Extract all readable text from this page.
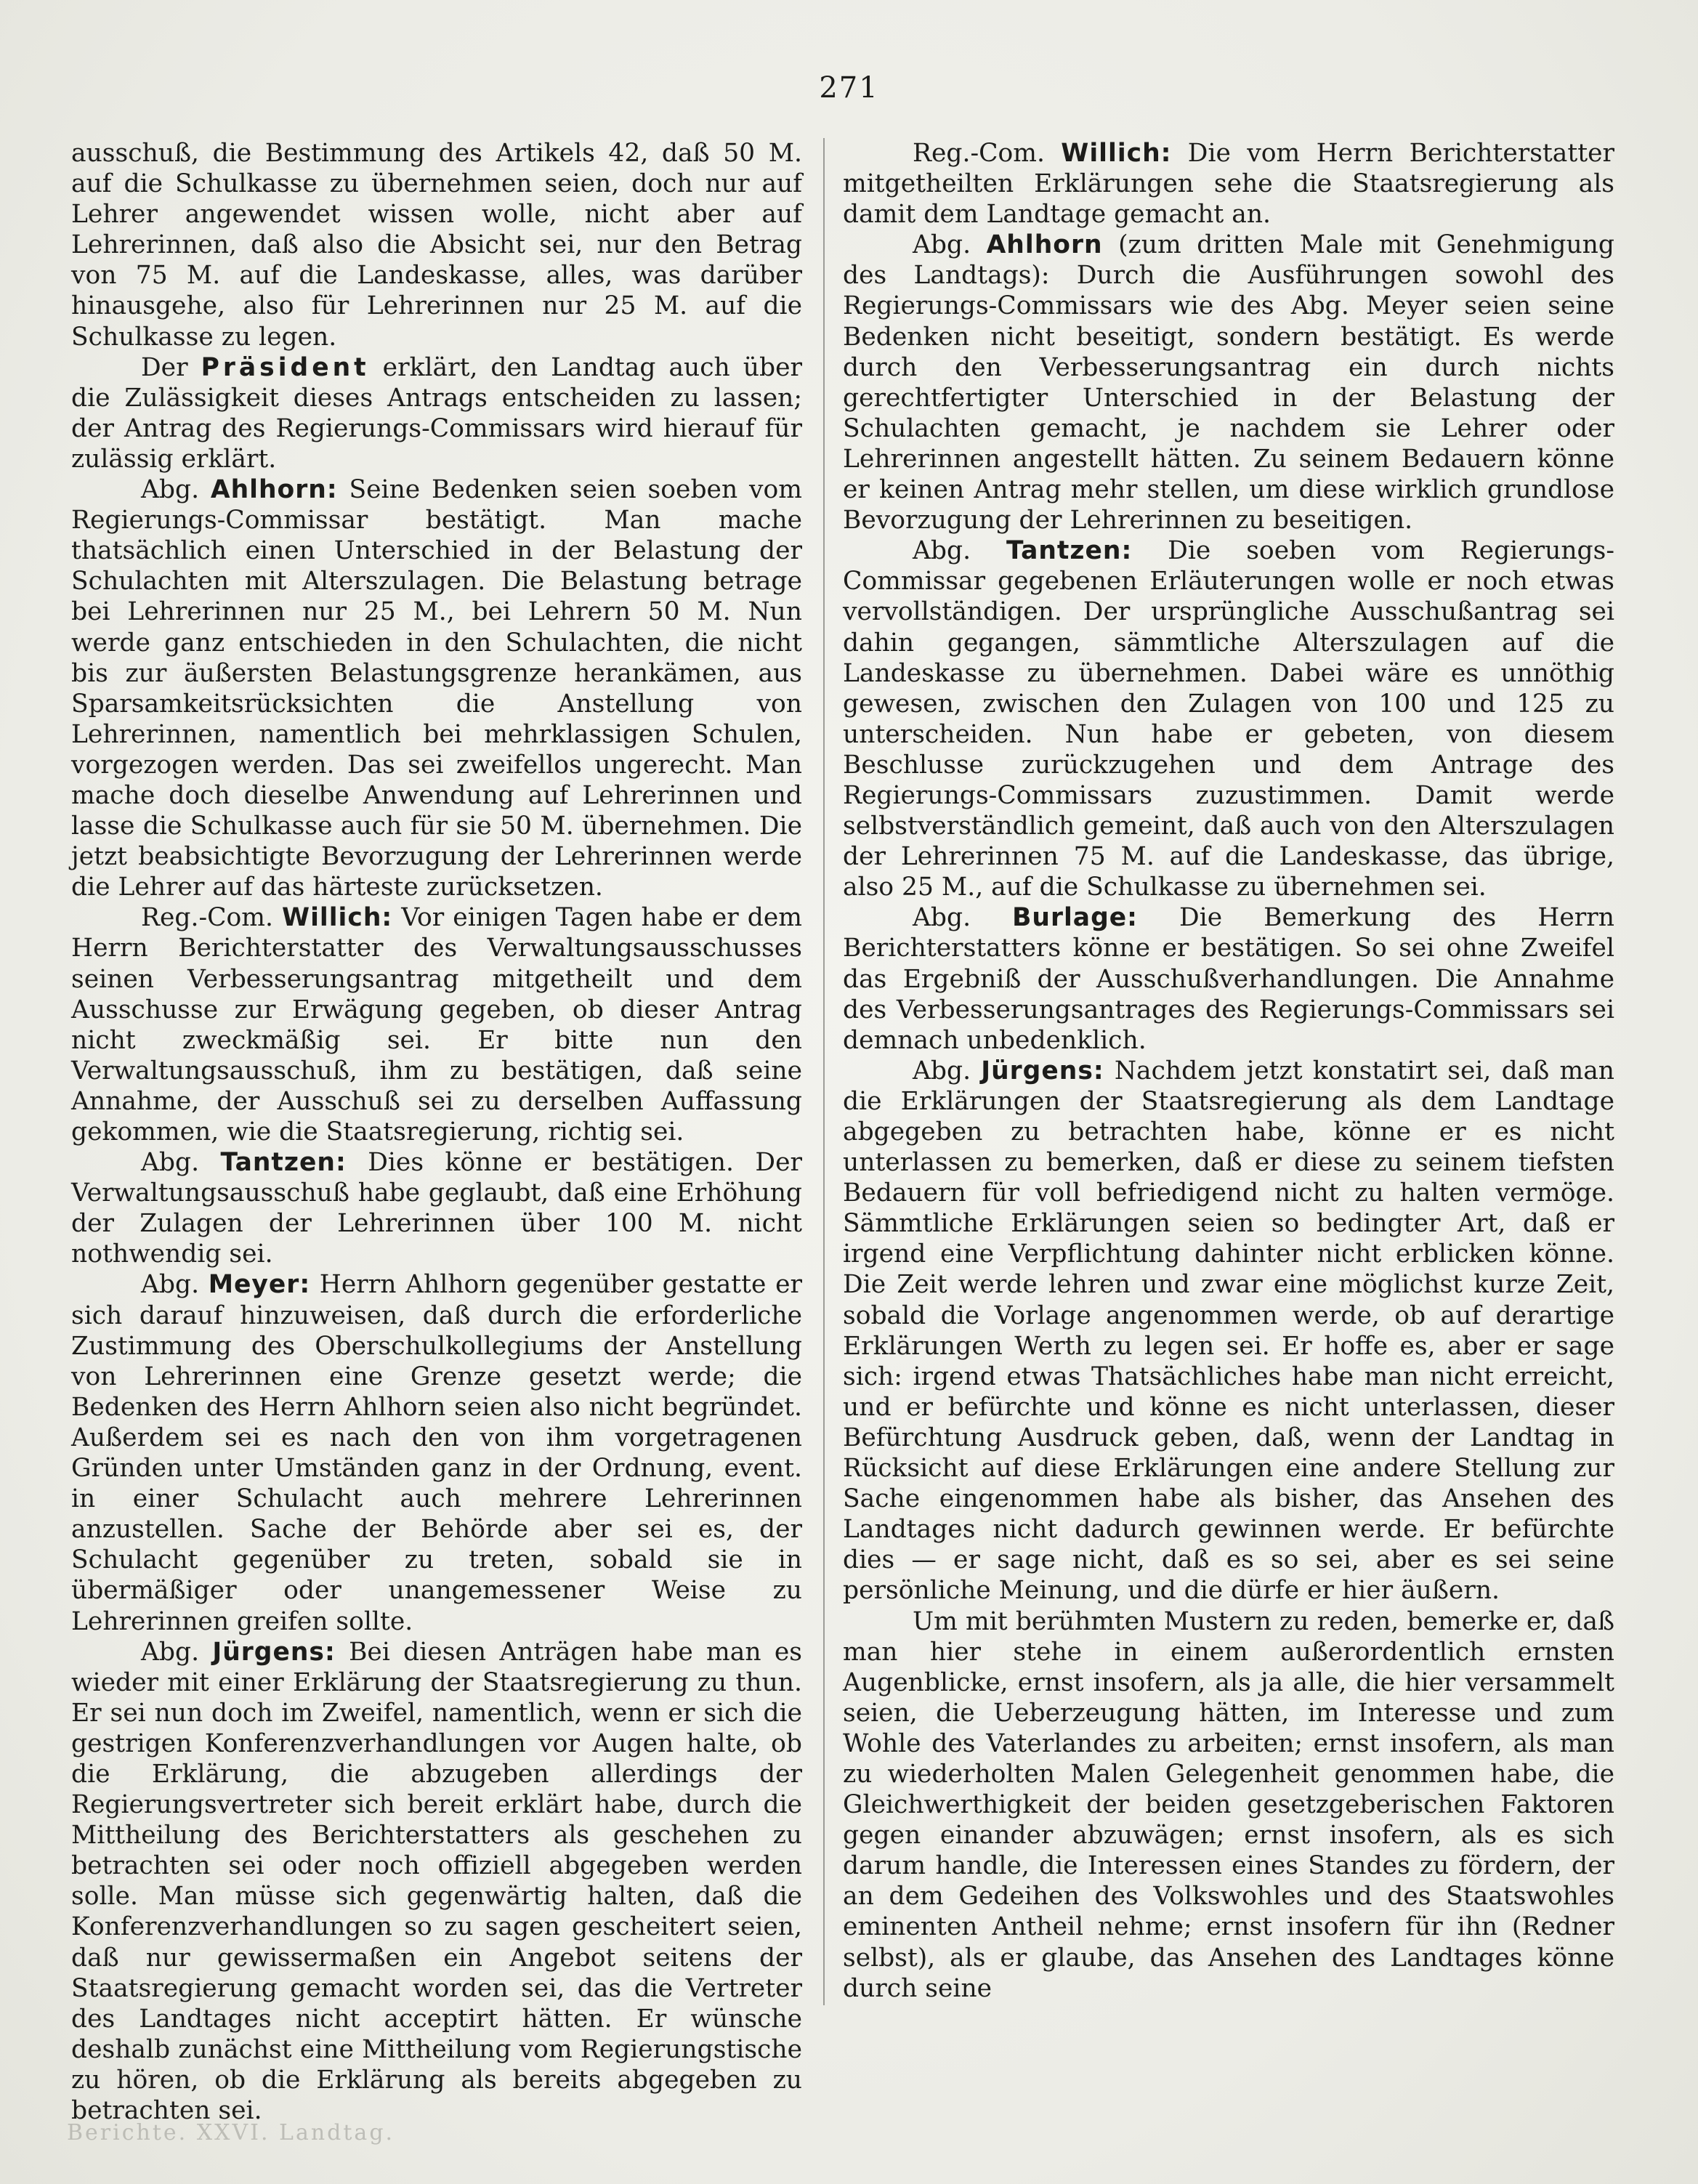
271

ausschuß, die Bestimmung des Artikels 42, daß 50 M. auf die Schulkasse zu übernehmen seien, doch nur auf Lehrer angewendet wissen wolle, nicht aber auf Lehrerinnen, daß also die Absicht sei, nur den Betrag von 75 M. auf die Landeskasse, alles, was darüber hinausgehe, also für Lehrerinnen nur 25 M. auf die Schulkasse zu legen.

Der Präsident erklärt, den Landtag auch über die Zulässigkeit dieses Antrags entscheiden zu lassen; der Antrag des Regierungs-Commissars wird hierauf für zulässig erklärt.

Abg. Ahlhorn: Seine Bedenken seien soeben vom Regierungs-Commissar bestätigt. Man mache thatsächlich einen Unterschied in der Belastung der Schulachten mit Alterszulagen. Die Belastung betrage bei Lehrerinnen nur 25 M., bei Lehrern 50 M. Nun werde ganz entschieden in den Schulachten, die nicht bis zur äußersten Belastungsgrenze herankämen, aus Sparsamkeitsrücksichten die Anstellung von Lehrerinnen, namentlich bei mehrklassigen Schulen, vorgezogen werden. Das sei zweifellos ungerecht. Man mache doch dieselbe Anwendung auf Lehrerinnen und lasse die Schulkasse auch für sie 50 M. übernehmen. Die jetzt beabsichtigte Bevorzugung der Lehrerinnen werde die Lehrer auf das härteste zurücksetzen.

Reg.-Com. Willich: Vor einigen Tagen habe er dem Herrn Berichterstatter des Verwaltungsausschusses seinen Verbesserungsantrag mitgetheilt und dem Ausschusse zur Erwägung gegeben, ob dieser Antrag nicht zweckmäßig sei. Er bitte nun den Verwaltungsausschuß, ihm zu bestätigen, daß seine Annahme, der Ausschuß sei zu derselben Auffassung gekommen, wie die Staatsregierung, richtig sei.

Abg. Tantzen: Dies könne er bestätigen. Der Verwaltungsausschuß habe geglaubt, daß eine Erhöhung der Zulagen der Lehrerinnen über 100 M. nicht nothwendig sei.

Abg. Meyer: Herrn Ahlhorn gegenüber gestatte er sich darauf hinzuweisen, daß durch die erforderliche Zustimmung des Oberschulkollegiums der Anstellung von Lehrerinnen eine Grenze gesetzt werde; die Bedenken des Herrn Ahlhorn seien also nicht begründet. Außerdem sei es nach den von ihm vorgetragenen Gründen unter Umständen ganz in der Ordnung, event. in einer Schulacht auch mehrere Lehrerinnen anzustellen. Sache der Behörde aber sei es, der Schulacht gegenüber zu treten, sobald sie in übermäßiger oder unangemessener Weise zu Lehrerinnen greifen sollte.

Abg. Jürgens: Bei diesen Anträgen habe man es wieder mit einer Erklärung der Staatsregierung zu thun. Er sei nun doch im Zweifel, namentlich, wenn er sich die gestrigen Konferenzverhandlungen vor Augen halte, ob die Erklärung, die abzugeben allerdings der Regierungsvertreter sich bereit erklärt habe, durch die Mittheilung des Berichterstatters als geschehen zu betrachten sei oder noch offiziell abgegeben werden solle. Man müsse sich gegenwärtig halten, daß die Konferenzverhandlungen so zu sagen gescheitert seien, daß nur gewissermaßen ein Angebot seitens der Staatsregierung gemacht worden sei, das die Vertreter des Landtages nicht acceptirt hätten. Er wünsche deshalb zunächst eine Mittheilung vom Regierungstische zu hören, ob die Erklärung als bereits abgegeben zu betrachten sei.

Reg.-Com. Willich: Die vom Herrn Berichterstatter mitgetheilten Erklärungen sehe die Staatsregierung als damit dem Landtage gemacht an.

Abg. Ahlhorn (zum dritten Male mit Genehmigung des Landtags): Durch die Ausführungen sowohl des Regierungs-Commissars wie des Abg. Meyer seien seine Bedenken nicht beseitigt, sondern bestätigt. Es werde durch den Verbesserungsantrag ein durch nichts gerechtfertigter Unterschied in der Belastung der Schulachten gemacht, je nachdem sie Lehrer oder Lehrerinnen angestellt hätten. Zu seinem Bedauern könne er keinen Antrag mehr stellen, um diese wirklich grundlose Bevorzugung der Lehrerinnen zu beseitigen.

Abg. Tantzen: Die soeben vom Regierungs-Commissar gegebenen Erläuterungen wolle er noch etwas vervollständigen. Der ursprüngliche Ausschußantrag sei dahin gegangen, sämmtliche Alterszulagen auf die Landeskasse zu übernehmen. Dabei wäre es unnöthig gewesen, zwischen den Zulagen von 100 und 125 zu unterscheiden. Nun habe er gebeten, von diesem Beschlusse zurückzugehen und dem Antrage des Regierungs-Commissars zuzustimmen. Damit werde selbstverständlich gemeint, daß auch von den Alterszulagen der Lehrerinnen 75 M. auf die Landeskasse, das übrige, also 25 M., auf die Schulkasse zu übernehmen sei.

Abg. Burlage: Die Bemerkung des Herrn Berichterstatters könne er bestätigen. So sei ohne Zweifel das Ergebniß der Ausschußverhandlungen. Die Annahme des Verbesserungsantrages des Regierungs-Commissars sei demnach unbedenklich.

Abg. Jürgens: Nachdem jetzt konstatirt sei, daß man die Erklärungen der Staatsregierung als dem Landtage abgegeben zu betrachten habe, könne er es nicht unterlassen zu bemerken, daß er diese zu seinem tiefsten Bedauern für voll befriedigend nicht zu halten vermöge. Sämmtliche Erklärungen seien so bedingter Art, daß er irgend eine Verpflichtung dahinter nicht erblicken könne. Die Zeit werde lehren und zwar eine möglichst kurze Zeit, sobald die Vorlage angenommen werde, ob auf derartige Erklärungen Werth zu legen sei. Er hoffe es, aber er sage sich: irgend etwas Thatsächliches habe man nicht erreicht, und er befürchte und könne es nicht unterlassen, dieser Befürchtung Ausdruck geben, daß, wenn der Landtag in Rücksicht auf diese Erklärungen eine andere Stellung zur Sache eingenommen habe als bisher, das Ansehen des Landtages nicht dadurch gewinnen werde. Er befürchte dies — er sage nicht, daß es so sei, aber es sei seine persönliche Meinung, und die dürfe er hier äußern.

Um mit berühmten Mustern zu reden, bemerke er, daß man hier stehe in einem außerordentlich ernsten Augenblicke, ernst insofern, als ja alle, die hier versammelt seien, die Ueberzeugung hätten, im Interesse und zum Wohle des Vaterlandes zu arbeiten; ernst insofern, als man zu wiederholten Malen Gelegenheit genommen habe, die Gleichwerthigkeit der beiden gesetzgeberischen Faktoren gegen einander abzuwägen; ernst insofern, als es sich darum handle, die Interessen eines Standes zu fördern, der an dem Gedeihen des Volkswohles und des Staatswohles eminenten Antheil nehme; ernst insofern für ihn (Redner selbst), als er glaube, das Ansehen des Landtages könne durch seine

Berichte. XXVI. Landtag.
